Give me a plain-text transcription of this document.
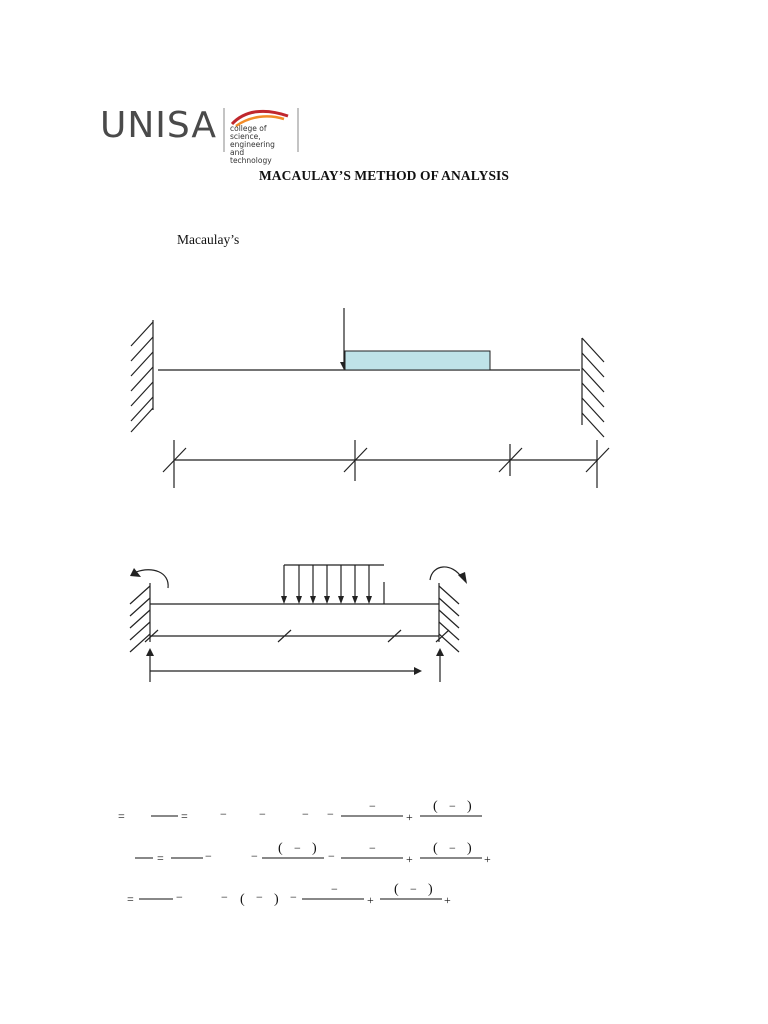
UNISA college of
science, engineering
and technology
MACAULAY’S METHOD OF ANALYSIS
Macaulay’s
=	=	−	−	− −
−
+
( − )
=	−	− ( − ) −
−
+
( − )
+
=	−	− ( − ) −
−
+
( − )
+
